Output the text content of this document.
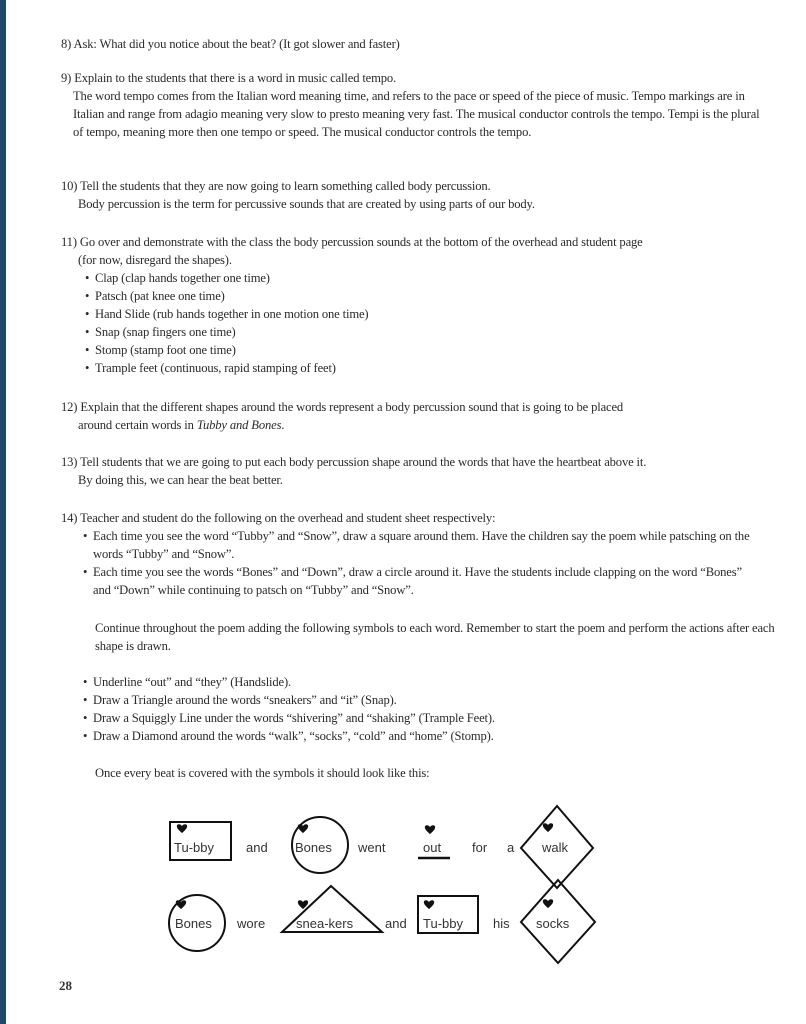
8) Ask: What did you notice about the beat? (It got slower and faster)
9) Explain to the students that there is a word in music called tempo.
The word tempo comes from the Italian word meaning time, and refers to the pace or speed of the piece of music. Tempo markings are in Italian and range from adagio meaning very slow to presto meaning very fast. The musical conductor controls the tempo. Tempi is the plural of tempo, meaning more then one tempo or speed. The musical conductor controls the tempo.
10) Tell the students that they are now going to learn something called body percussion.
Body percussion is the term for percussive sounds that are created by using parts of our body.
11) Go over and demonstrate with the class the body percussion sounds at the bottom of the overhead and student page
(for now, disregard the shapes).
• Clap (clap hands together one time)
• Patsch (pat knee one time)
• Hand Slide (rub hands together in one motion one time)
• Snap (snap fingers one time)
• Stomp (stamp foot one time)
• Trample feet (continuous, rapid stamping of feet)
12) Explain that the different shapes around the words represent a body percussion sound that is going to be placed
around certain words in Tubby and Bones.
13) Tell students that we are going to put each body percussion shape around the words that have the heartbeat above it.
By doing this, we can hear the beat better.
14) Teacher and student do the following on the overhead and student sheet respectively:
• Each time you see the word “Tubby” and “Snow”, draw a square around them. Have the children say the poem while patsching on the words “Tubby” and “Snow”.
• Each time you see the words “Bones” and “Down”, draw a circle around it. Have the students include clapping on the word “Bones” and “Down” while continuing to patsch on “Tubby” and “Snow”.
Continue throughout the poem adding the following symbols to each word. Remember to start the poem and perform the actions after each shape is drawn.
• Underline “out” and “they” (Handslide).
• Draw a Triangle around the words “sneakers” and “it” (Snap).
• Draw a Squiggly Line under the words “shivering” and “shaking” (Trample Feet).
• Draw a Diamond around the words “walk”, “socks”, “cold” and “home” (Stomp).
Once every beat is covered with the symbols it should look like this:
Tu-bby and Bones went	out for a walk
Bones wore snea-kers and Tu-bby his socks
28
